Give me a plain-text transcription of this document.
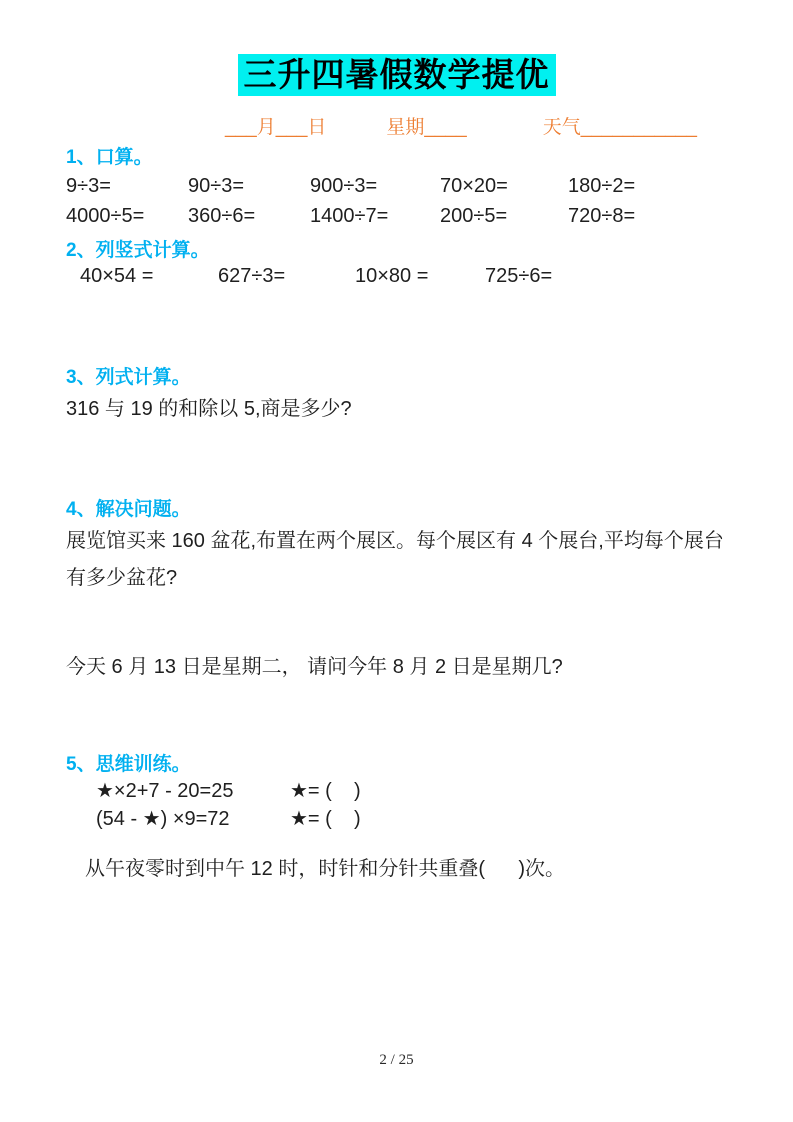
三升四暑假数学提优
___月___日	星期____	天气___________
1、口算。
9÷3=	90÷3=	900÷3=	70×20=	180÷2=
4000÷5=	360÷6=	1400÷7=	200÷5=	720÷8=
2、列竖式计算。
40×54 =	627÷3=	10×80 =	725÷6=
3、列式计算。
316 与 19 的和除以 5,商是多少?
4、解决问题。
展览馆买来 160 盆花,布置在两个展区。每个展区有 4 个展台,平均每个展台有多少盆花?
今天 6 月 13 日是星期二， 请问今年 8 月 2 日是星期几?
5、思维训练。
★×2+7 - 20=25	★= (    )
(54 - ★) ×9=72	★= (    )
从午夜零时到中午 12 时，时针和分针共重叠(      )次。
2 / 25
